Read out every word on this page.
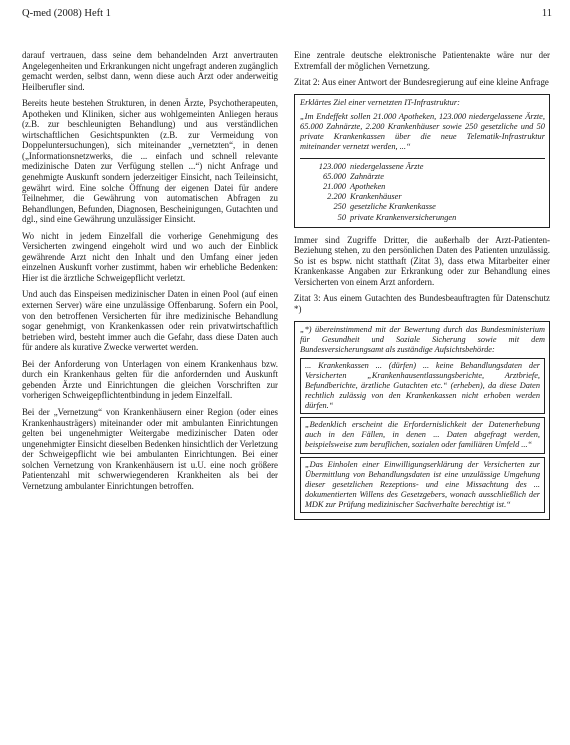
Q-med (2008) Heft 1	11

darauf vertrauen, dass seine dem behandelnden Arzt anvertrauten Angelegenheiten und Erkrankungen nicht ungefragt anderen zugänglich gemacht werden, selbst dann, wenn diese auch Arzt oder anderweitig Heilberufler sind.

Bereits heute bestehen Strukturen, in denen Ärzte, Psychotherapeuten, Apotheken und Kliniken, sicher aus wohlgemeinten Anliegen heraus (z.B. zur beschleunigten Behandlung) und aus verständlichen wirtschaftlichen Gesichtspunkten (z.B. zur Vermeidung von Doppeluntersuchungen), sich miteinander „vernetzten“, in denen („Informationsnetzwerks, die ... einfach und schnell relevante medizinische Daten zur Verfügung stellen ...“) nicht Anfrage und genehmigte Auskunft sondern jederzeitiger Einsicht, nach Teileinsicht, gewährt wird. Eine solche Öffnung der eigenen Datei für andere Teilnehmer, die Gewährung von automatischen Abfragen zu Behandlungen, Befunden, Diagnosen, Bescheinigungen, Gutachten und dgl., sind eine Gewährung unzulässiger Einsicht.

Wo nicht in jedem Einzelfall die vorherige Genehmigung des Versicherten zwingend eingeholt wird und wo auch der Einblick gewährende Arzt nicht den Inhalt und den Umfang einer jeden einzelnen Auskunft vorher zustimmt, haben wir erhebliche Bedenken: Hier ist die ärztliche Schweigepflicht verletzt.

Und auch das Einspeisen medizinischer Daten in einen Pool (auf einen externen Server) wäre eine unzulässige Offenbarung. Sofern ein Pool, von den betroffenen Versicherten für ihre medizinische Behandlung sogar genehmigt, von Krankenkassen oder rein privatwirtschaftlich betrieben wird, besteht immer auch die Gefahr, dass diese Daten auch für andere als kurative Zwecke verwertet werden.

Bei der Anforderung von Unterlagen von einem Krankenhaus bzw. durch ein Krankenhaus gelten für die anfordernden und Auskunft gebenden Ärzte und Einrichtungen die gleichen Vorschriften zur vorherigen Schweigepflichtentbindung in jedem Einzelfall.

Bei der „Vernetzung“ von Krankenhäusern einer Region (oder eines Krankenhausträgers) miteinander oder mit ambulanten Einrichtungen gelten bei ungenehmigter Weitergabe medizinischer Daten oder ungenehmigter Einsicht dieselben Bedenken hinsichtlich der Verletzung der Schweigepflicht wie bei ambulanten Einrichtungen. Bei einer solchen Vernetzung von Krankenhäusern ist u.U. eine noch größere Patientenzahl mit schwerwiegenderen Krankheiten als bei der Vernetzung ambulanter Einrichtungen betroffen.

Eine zentrale deutsche elektronische Patientenakte wäre nur der Extremfall der möglichen Vernetzung.

Zitat 2: Aus einer Antwort der Bundesregierung auf eine kleine Anfrage

Erklärtes Ziel einer vernetzten IT-Infrastruktur:
„Im Endeffekt sollen 21.000 Apotheken, 123.000 niedergelassene Ärzte, 65.000 Zahnärzte, 2.200 Krankenhäuser sowie 250 gesetzliche und 50 private Krankenkassen über die neue Telematik-Infrastruktur miteinander vernetzt werden, ...“
123.000 niedergelassene Ärzte
65.000 Zahnärzte
21.000 Apotheken
2.200 Krankenhäuser
250 gesetzliche Krankenkasse
50 private Krankenversicherungen

Immer sind Zugriffe Dritter, die außerhalb der Arzt-Patienten-Beziehung stehen, zu den persönlichen Daten des Patienten unzulässig. So ist es bspw. nicht statthaft (Zitat 3), dass etwa Mitarbeiter einer Krankenkasse Angaben zur Erkrankung oder zur Behandlung eines Versicherten von einem Arzt anfordern.

Zitat 3: Aus einem Gutachten des Bundesbeauftragten für Datenschutz *)

„*) übereinstimmend mit der Bewertung durch das Bundesministerium für Gesundheit und Soziale Sicherung sowie mit dem Bundesversicherungsamt als zuständige Aufsichtsbehörde:
... Krankenkassen ... (dürfen) ... keine Behandlungsdaten der Versicherten „Krankenhausentlassungsberichte, Arztbriefe, Befundberichte, ärztliche Gutachten etc.“ (erheben), da diese Daten rechtlich zulässig von den Krankenkassen nicht erhoben werden dürfen.“
„Bedenklich erscheint die Erfordernislichkeit der Datenerhebung auch in den Fällen, in denen ... Daten abgefragt werden, beispielsweise zum beruflichen, sozialen oder familiären Umfeld ...“
„Das Einholen einer Einwilligungserklärung der Versicherten zur Übermittlung von Behandlungsdaten ist eine unzulässige Umgehung dieser gesetzlichen Rezeptions- und eine Missachtung des ... dokumentierten Willens des Gesetzgebers, wonach ausschließlich der MDK zur Prüfung medizinischer Sachverhalte berechtigt ist.“
